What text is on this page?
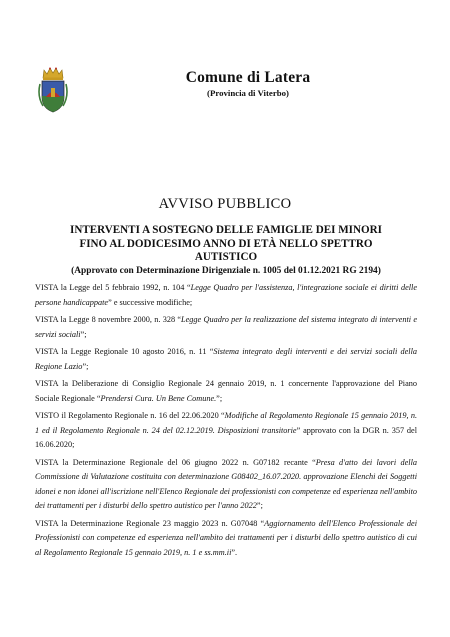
Comune di Latera
(Provincia di Viterbo)
AVVISO PUBBLICO
INTERVENTI A SOSTEGNO DELLE FAMIGLIE DEI MINORI
FINO AL DODICESIMO ANNO DI ETÀ NELLO SPETTRO
AUTISTICO
(Approvato con Determinazione Dirigenziale n. 1005 del 01.12.2021 RG 2194)

VISTA la Legge del 5 febbraio 1992, n. 104 “Legge Quadro per l'assistenza, l'integrazione sociale ei diritti delle persone handicappate” e successive modifiche;

VISTA la Legge 8 novembre 2000, n. 328 “Legge Quadro per la realizzazione del sistema integrato di interventi e servizi sociali”;

VISTA la Legge Regionale 10 agosto 2016, n. 11 “Sistema integrato degli interventi e dei servizi sociali della Regione Lazio”;

VISTA la Deliberazione di Consiglio Regionale 24 gennaio 2019, n. 1 concernente l'approvazione del Piano Sociale Regionale “Prendersi Cura. Un Bene Comune.”;

VISTO il Regolamento Regionale n. 16 del 22.06.2020 “Modifiche al Regolamento Regionale 15 gennaio 2019, n. 1 ed il Regolamento Regionale n. 24 del 02.12.2019. Disposizioni transitorie” approvato con la DGR n. 357 del 16.06.2020;

VISTA la Determinazione Regionale del 06 giugno 2022 n. G07182 recante “Presa d'atto dei lavori della Commissione di Valutazione costituita con determinazione G08402_16.07.2020. approvazione Elenchi dei Soggetti idonei e non idonei all'iscrizione nell'Elenco Regionale dei professionisti con competenze ed esperienza nell'ambito dei trattamenti per i disturbi dello spettro autistico per l'anno 2022”;

VISTA la Determinazione Regionale 23 maggio 2023 n. G07048 “Aggiornamento dell'Elenco Professionale dei Professionisti con competenze ed esperienza nell'ambito dei trattamenti per i disturbi dello spettro autistico di cui al Regolamento Regionale 15 gennaio 2019, n. 1 e ss.mm.ii”.
